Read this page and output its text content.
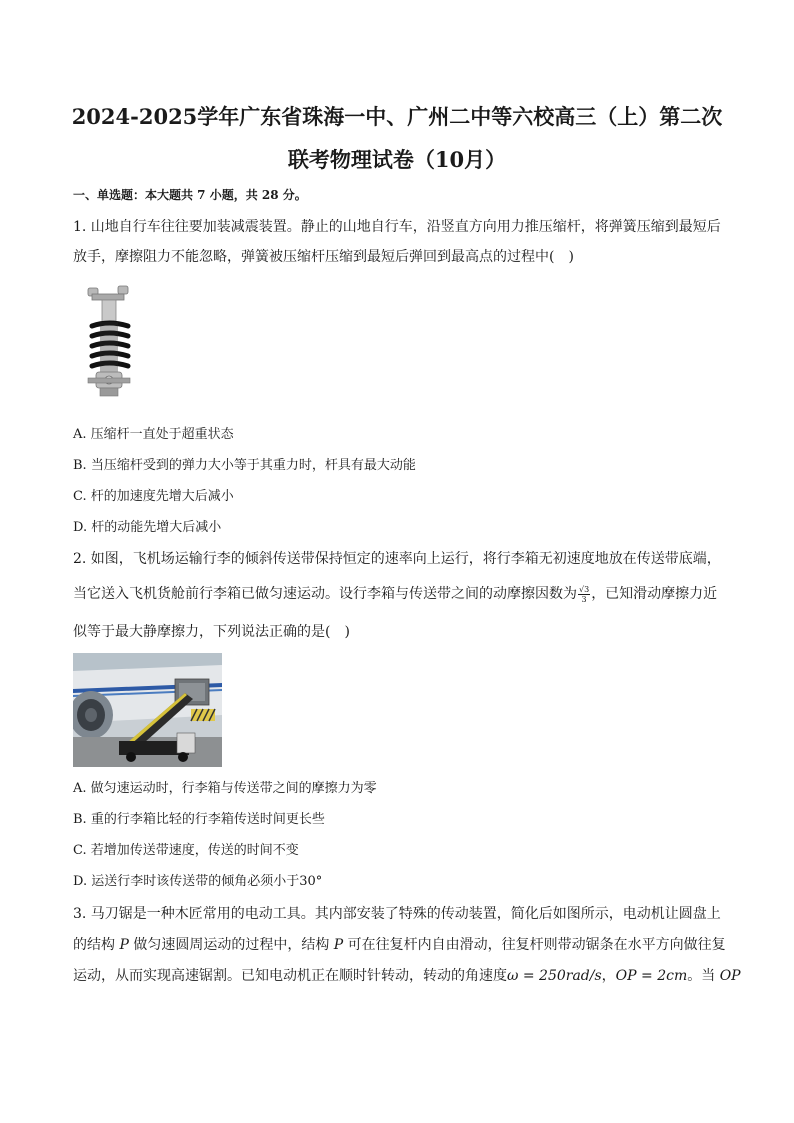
2024-2025学年广东省珠海一中、广州二中等六校高三（上）第二次
联考物理试卷（10月）
一、单选题：本大题共 7 小题，共 28 分。
1. 山地自行车往往要加装减震装置。静止的山地自行车，沿竖直方向用力推压缩杆，将弹簧压缩到最短后
放手，摩擦阻力不能忽略，弹簧被压缩杆压缩到最短后弹回到最高点的过程中(　)
A. 压缩杆一直处于超重状态
B. 当压缩杆受到的弹力大小等于其重力时，杆具有最大动能
C. 杆的加速度先增大后减小
D. 杆的动能先增大后减小
2. 如图，飞机场运输行李的倾斜传送带保持恒定的速率向上运行，将行李箱无初速度地放在传送带底端，
当它送入飞机货舱前行李箱已做匀速运动。设行李箱与传送带之间的动摩擦因数为 $\frac{√3}{3}$ ，已知滑动摩擦力近
似等于最大静摩擦力，下列说法正确的是(　)
A. 做匀速运动时，行李箱与传送带之间的摩擦力为零
B. 重的行李箱比轻的行李箱传送时间更长些
C. 若增加传送带速度，传送的时间不变
D. 运送行李时该传送带的倾角必须小于30°
3. 马刀锯是一种木匠常用的电动工具。其内部安装了特殊的传动装置，简化后如图所示，电动机让圆盘上
的结构 P 做匀速圆周运动的过程中，结构 P 可在往复杆内自由滑动，往复杆则带动锯条在水平方向做往复
运动，从而实现高速锯割。已知电动机正在顺时针转动，转动的角速度ω = 250rad/s，OP = 2cm。当 OP
